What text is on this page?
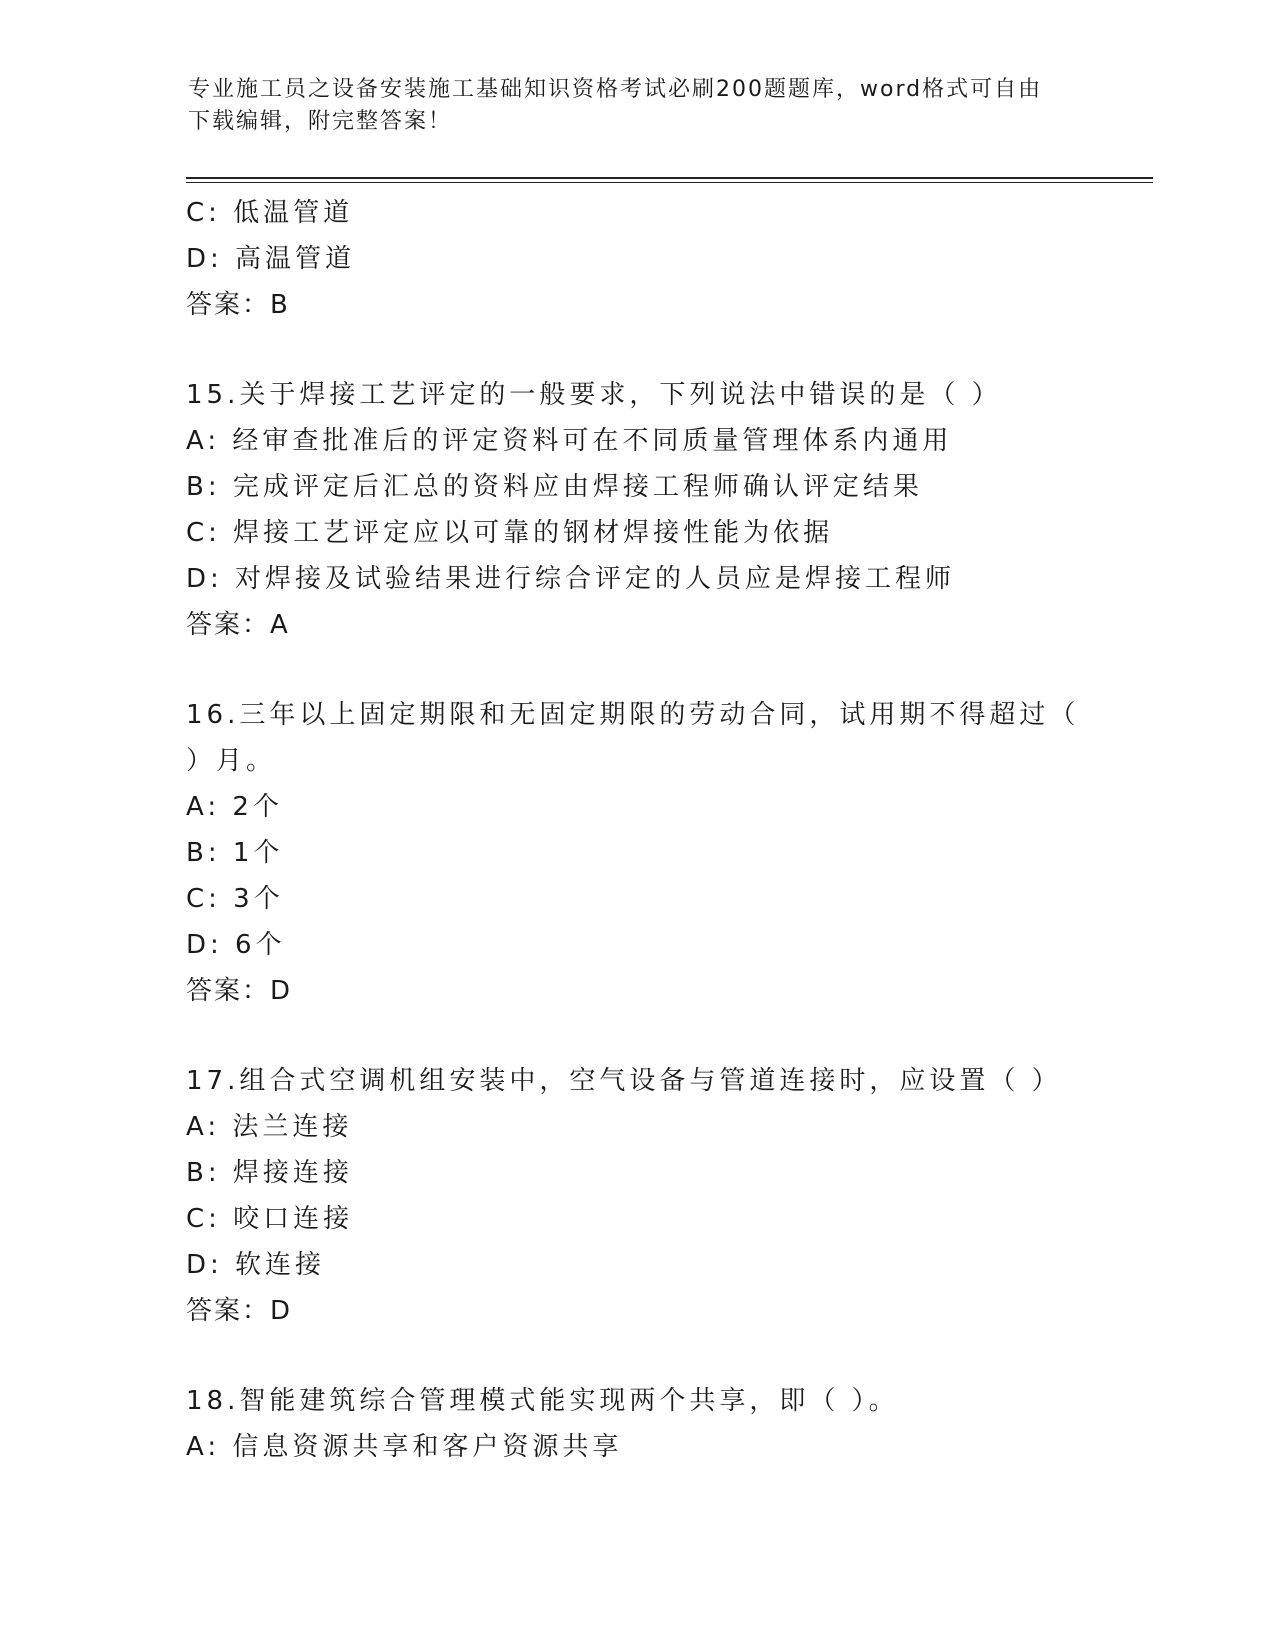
专业施工员之设备安装施工基础知识资格考试必刷200题题库，word格式可自由
下载编辑，附完整答案！
C: 低温管道
D: 高温管道
答案：B
15.关于焊接工艺评定的一般要求，下列说法中错误的是（ ）
A: 经审查批准后的评定资料可在不同质量管理体系内通用
B: 完成评定后汇总的资料应由焊接工程师确认评定结果
C: 焊接工艺评定应以可靠的钢材焊接性能为依据
D: 对焊接及试验结果进行综合评定的人员应是焊接工程师
答案：A
16.三年以上固定期限和无固定期限的劳动合同，试用期不得超过（
）月。
A: 2个
B: 1个
C: 3个
D: 6个
答案：D
17.组合式空调机组安装中，空气设备与管道连接时，应设置（ ）
A: 法兰连接
B: 焊接连接
C: 咬口连接
D: 软连接
答案：D
18.智能建筑综合管理模式能实现两个共享，即（ ）。
A: 信息资源共享和客户资源共享
